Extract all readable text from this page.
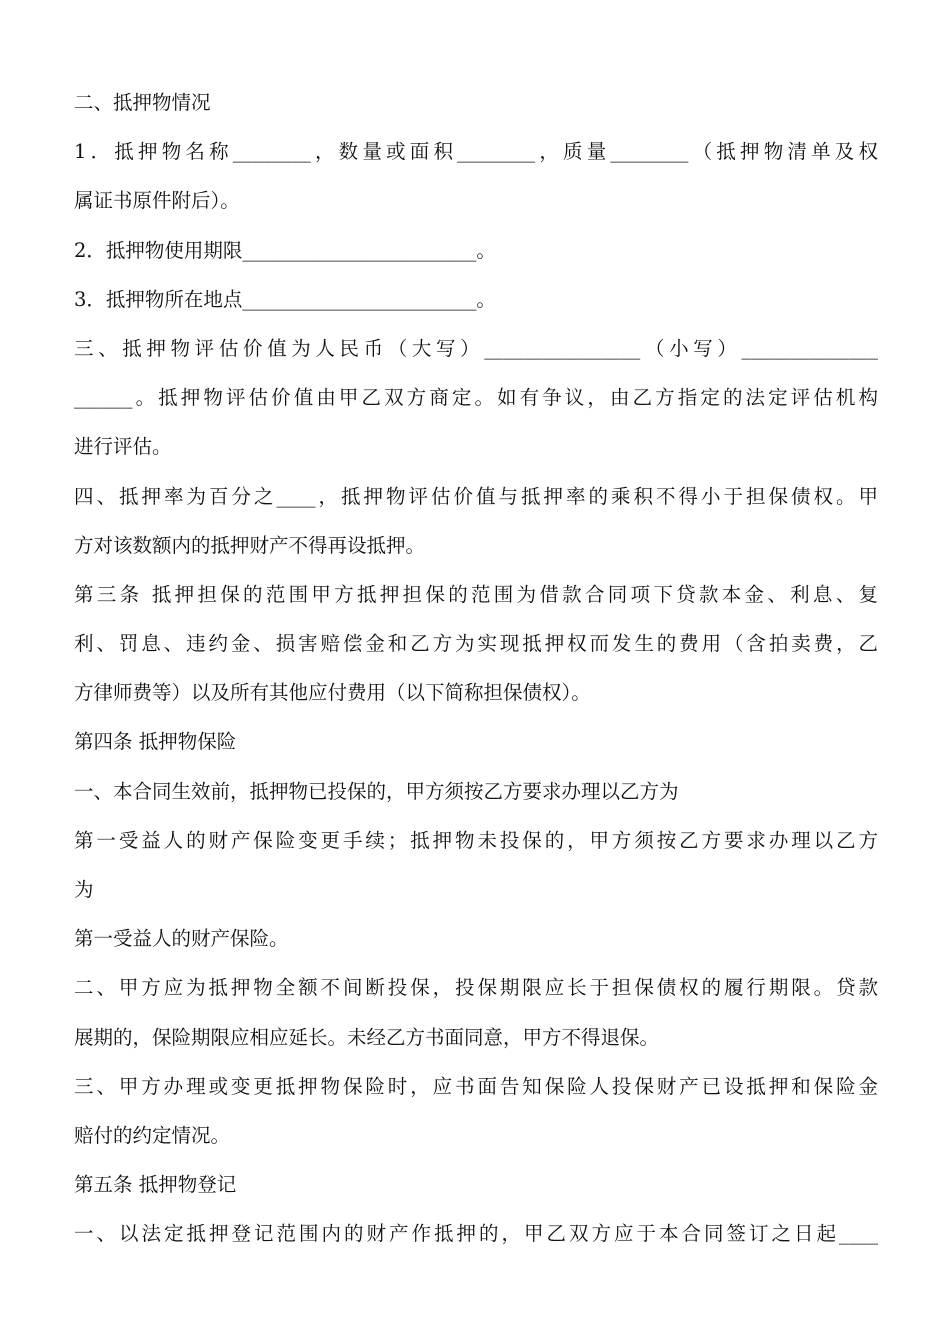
二、抵押物情况
1．抵押物名称________，数量或面积________，质量________（抵押物清单及权
属证书原件附后）。
2．抵押物使用期限________________________。
3．抵押物所在地点________________________。
三、抵押物评估价值为人民币（大写）________________（小写）______________
______。抵押物评估价值由甲乙双方商定。如有争议，由乙方指定的法定评估机构
进行评估。
四、抵押率为百分之____，抵押物评估价值与抵押率的乘积不得小于担保债权。甲
方对该数额内的抵押财产不得再设抵押。
第三条 抵押担保的范围甲方抵押担保的范围为借款合同项下贷款本金、利息、复
利、罚息、违约金、损害赔偿金和乙方为实现抵押权而发生的费用（含拍卖费，乙
方律师费等）以及所有其他应付费用（以下简称担保债权）。
第四条 抵押物保险
一、本合同生效前，抵押物已投保的，甲方须按乙方要求办理以乙方为
第一受益人的财产保险变更手续；抵押物未投保的，甲方须按乙方要求办理以乙方
为
第一受益人的财产保险。
二、甲方应为抵押物全额不间断投保，投保期限应长于担保债权的履行期限。贷款
展期的，保险期限应相应延长。未经乙方书面同意，甲方不得退保。
三、甲方办理或变更抵押物保险时，应书面告知保险人投保财产已设抵押和保险金
赔付的约定情况。
第五条 抵押物登记
一、以法定抵押登记范围内的财产作抵押的，甲乙双方应于本合同签订之日起____
